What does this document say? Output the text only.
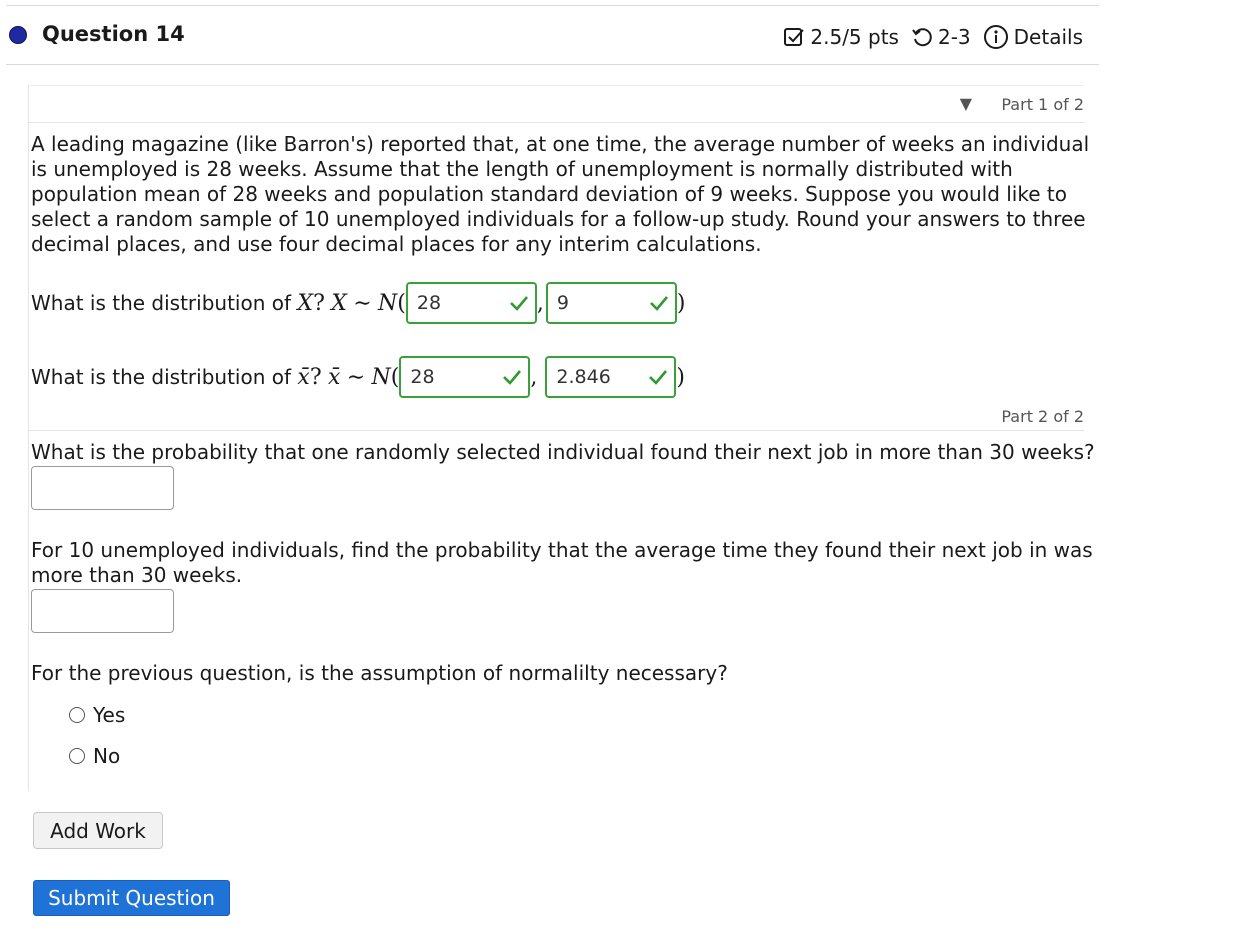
Question 14	2.5/5 pts 2-3 Details
▼ Part 1 of 2
A leading magazine (like Barron's) reported that, at one time, the average number of weeks an individual is unemployed is 28 weeks. Assume that the length of unemployment is normally distributed with population mean of 28 weeks and population standard deviation of 9 weeks. Suppose you would like to select a random sample of 10 unemployed individuals for a follow-up study. Round your answers to three decimal places, and use four decimal places for any interim calculations.
What is the distribution of
X ?
X
∼
N ( 28	, 9	)
What is the distribution of
x̄ ?
x̄
∼
N ( 28	, 2.846	)
Part 2 of 2
What is the probability that one randomly selected individual found their next job in more than 30 weeks?
For 10 unemployed individuals, find the probability that the average time they found their next job in was
more than 30 weeks.
For the previous question, is the assumption of normalilty necessary?
Yes
No
Add Work
Submit Question
